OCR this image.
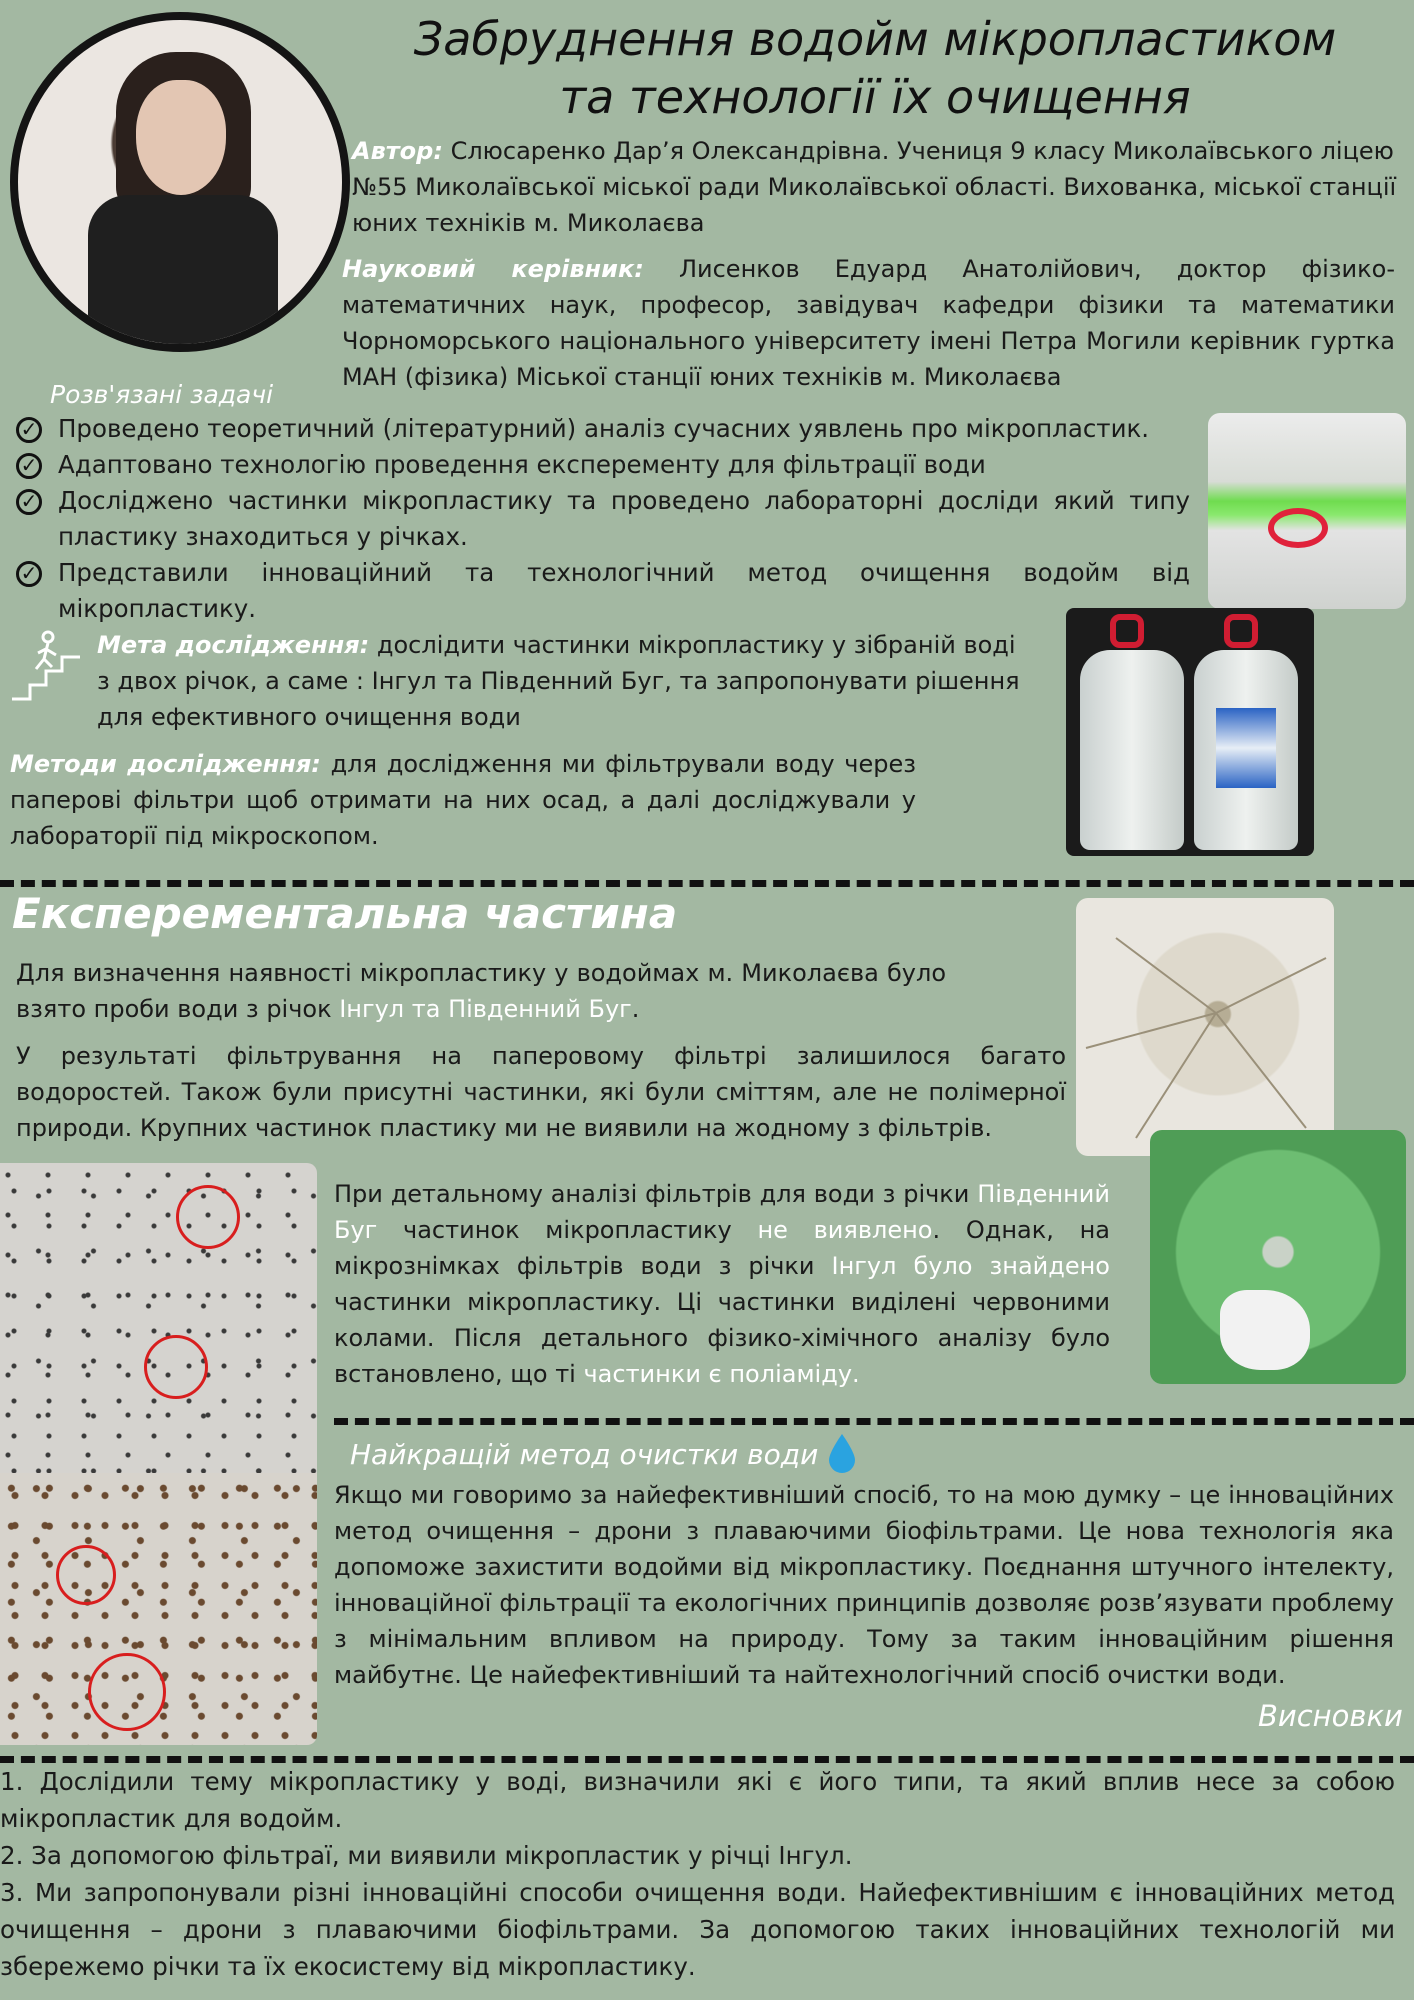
Забруднення водойм мікропластиком
та технології їх очищення

Автор: Слюсаренко Дар’я Олександрівна. Учениця 9 класу Миколаївського ліцею №55 Миколаївської міської ради Миколаївської області. Вихованка, міської станції юних техніків м. Миколаєва

Науковий керівник: Лисенков Едуард Анатолійович, доктор фізико-математичних наук, професор, завідувач кафедри фізики та математики Чорноморського національного університету імені Петра Могили керівник гуртка МАН (фізика) Міської станції юних техніків м. Миколаєва

Розв'язані задачі
✓ Проведено теоретичний (літературний) аналіз сучасних уявлень про мікропластик.
✓ Адаптовано технологію проведення експеременту для фільтрації води
✓ Досліджено частинки мікропластику та проведено лабораторні досліди який типу пластику знаходиться у річках.
✓ Представили інноваційний та технологічний метод очищення водойм від мікропластику.

Мета дослідження: дослідити частинки мікропластику у зібраній воді з двох річок, а саме : Інгул та Південний Буг, та запропонувати рішення для ефективного очищення води

Методи дослідження: для дослідження ми фільтрували воду через паперові фільтри щоб отримати на них осад, а далі досліджували у лабораторії під мікроскопом.

Експерементальна частина

Для визначення наявності мікропластику у водоймах м. Миколаєва було взято проби води з річок Інгул та Південний Буг.

У результаті фільтрування на паперовому фільтрі залишилося багато водоростей. Також були присутні частинки, які були сміттям, але не полімерної природи. Крупних частинок пластику ми не виявили на жодному з фільтрів.

При детальному аналізі фільтрів для води з річки Південний Буг частинок мікропластику не виявлено. Однак, на мікрознімках фільтрів води з річки Інгул було знайдено частинки мікропластику. Ці частинки виділені червоними колами. Після детального фізико-хімічного аналізу було встановлено, що ті частинки є поліаміду.

Найкращій метод очистки води

Якщо ми говоримо за найефективніший спосіб, то на мою думку – це інноваційних метод очищення – дрони з плаваючими біофільтрами. Це нова технологія яка допоможе захистити водойми від мікропластику. Поєднання штучного інтелекту, інноваційної фільтрації та екологічних принципів дозволяє розв’язувати проблему з мінімальним впливом на природу. Тому за таким інноваційним рішення майбутнє. Це найефективніший та найтехнологічний спосіб очистки води.

Висновки

1. Дослідили тему мікропластику у воді, визначили які є його типи, та який вплив несе за собою мікропластик для водойм.

2. За допомогою фільтраї, ми виявили мікропластик у річці Інгул.

3. Ми запропонували різні інноваційні способи очищення води. Найефективнішим є інноваційних метод очищення – дрони з плаваючими біофільтрами. За допомогою таких інноваційних технологій ми збережемо річки та їх екосистему від мікропластику.
